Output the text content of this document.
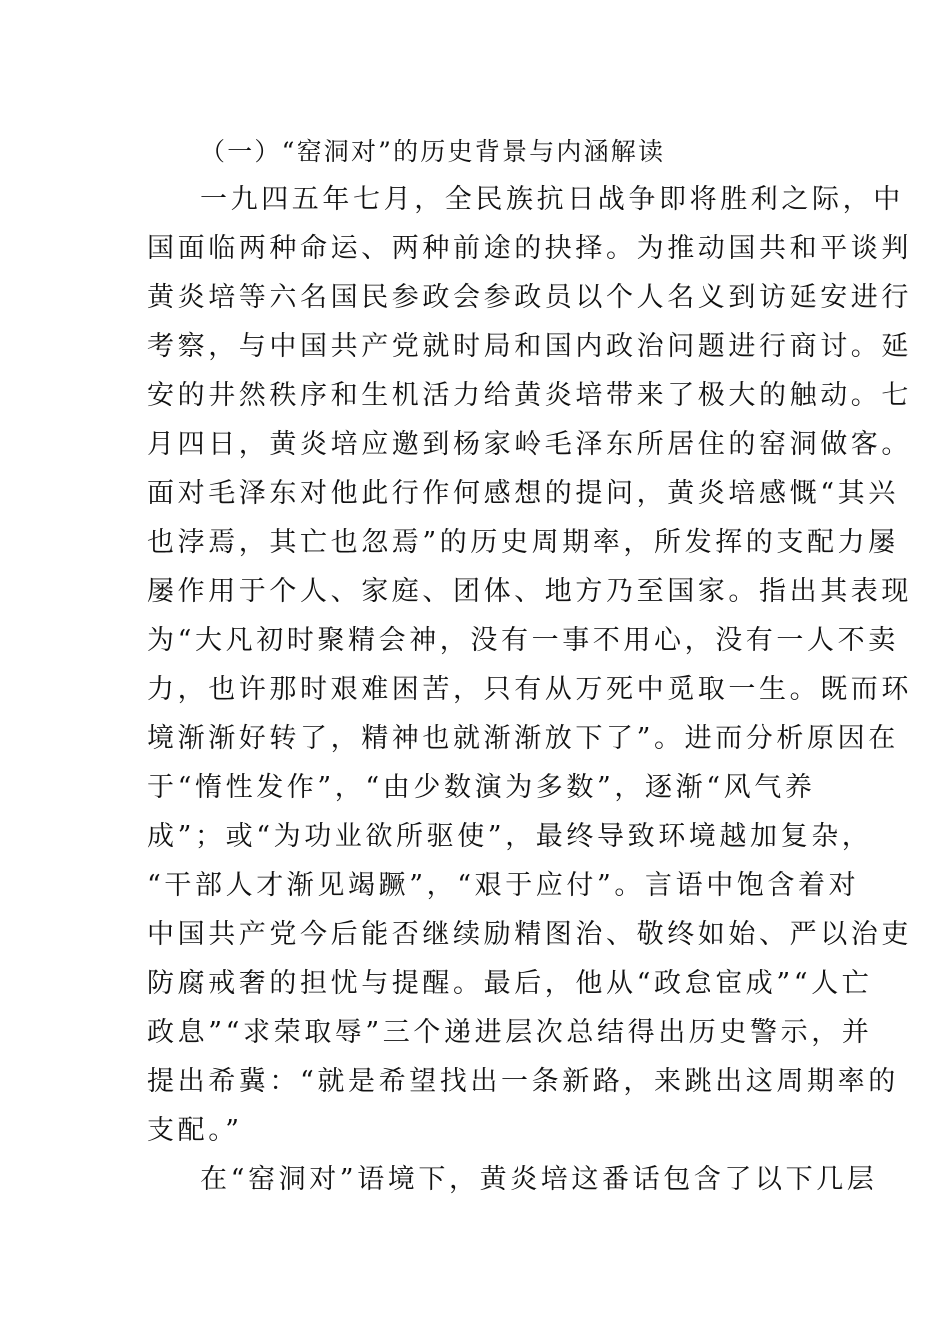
（一）“窑洞对”的历史背景与内涵解读
一九四五年七月，全民族抗日战争即将胜利之际，中
国面临两种命运、两种前途的抉择。为推动国共和平谈判
黄炎培等六名国民参政会参政员以个人名义到访延安进行
考察，与中国共产党就时局和国内政治问题进行商讨。延
安的井然秩序和生机活力给黄炎培带来了极大的触动。七
月四日，黄炎培应邀到杨家岭毛泽东所居住的窑洞做客。
面对毛泽东对他此行作何感想的提问，黄炎培感慨“其兴
也浡焉，其亡也忽焉”的历史周期率，所发挥的支配力屡
屡作用于个人、家庭、团体、地方乃至国家。指出其表现
为“大凡初时聚精会神，没有一事不用心，没有一人不卖
力，也许那时艰难困苦，只有从万死中觅取一生。既而环
境渐渐好转了，精神也就渐渐放下了”。进而分析原因在
于“惰性发作”，“由少数演为多数”，逐渐“风气养
成”；或“为功业欲所驱使”，最终导致环境越加复杂，
“干部人才渐见竭蹶”，“艰于应付”。言语中饱含着对
中国共产党今后能否继续励精图治、敬终如始、严以治吏
防腐戒奢的担忧与提醒。最后，他从“政怠宦成”“人亡
政息”“求荣取辱”三个递进层次总结得出历史警示，并
提出希冀：“就是希望找出一条新路，来跳出这周期率的
支配。”
在“窑洞对”语境下，黄炎培这番话包含了以下几层
